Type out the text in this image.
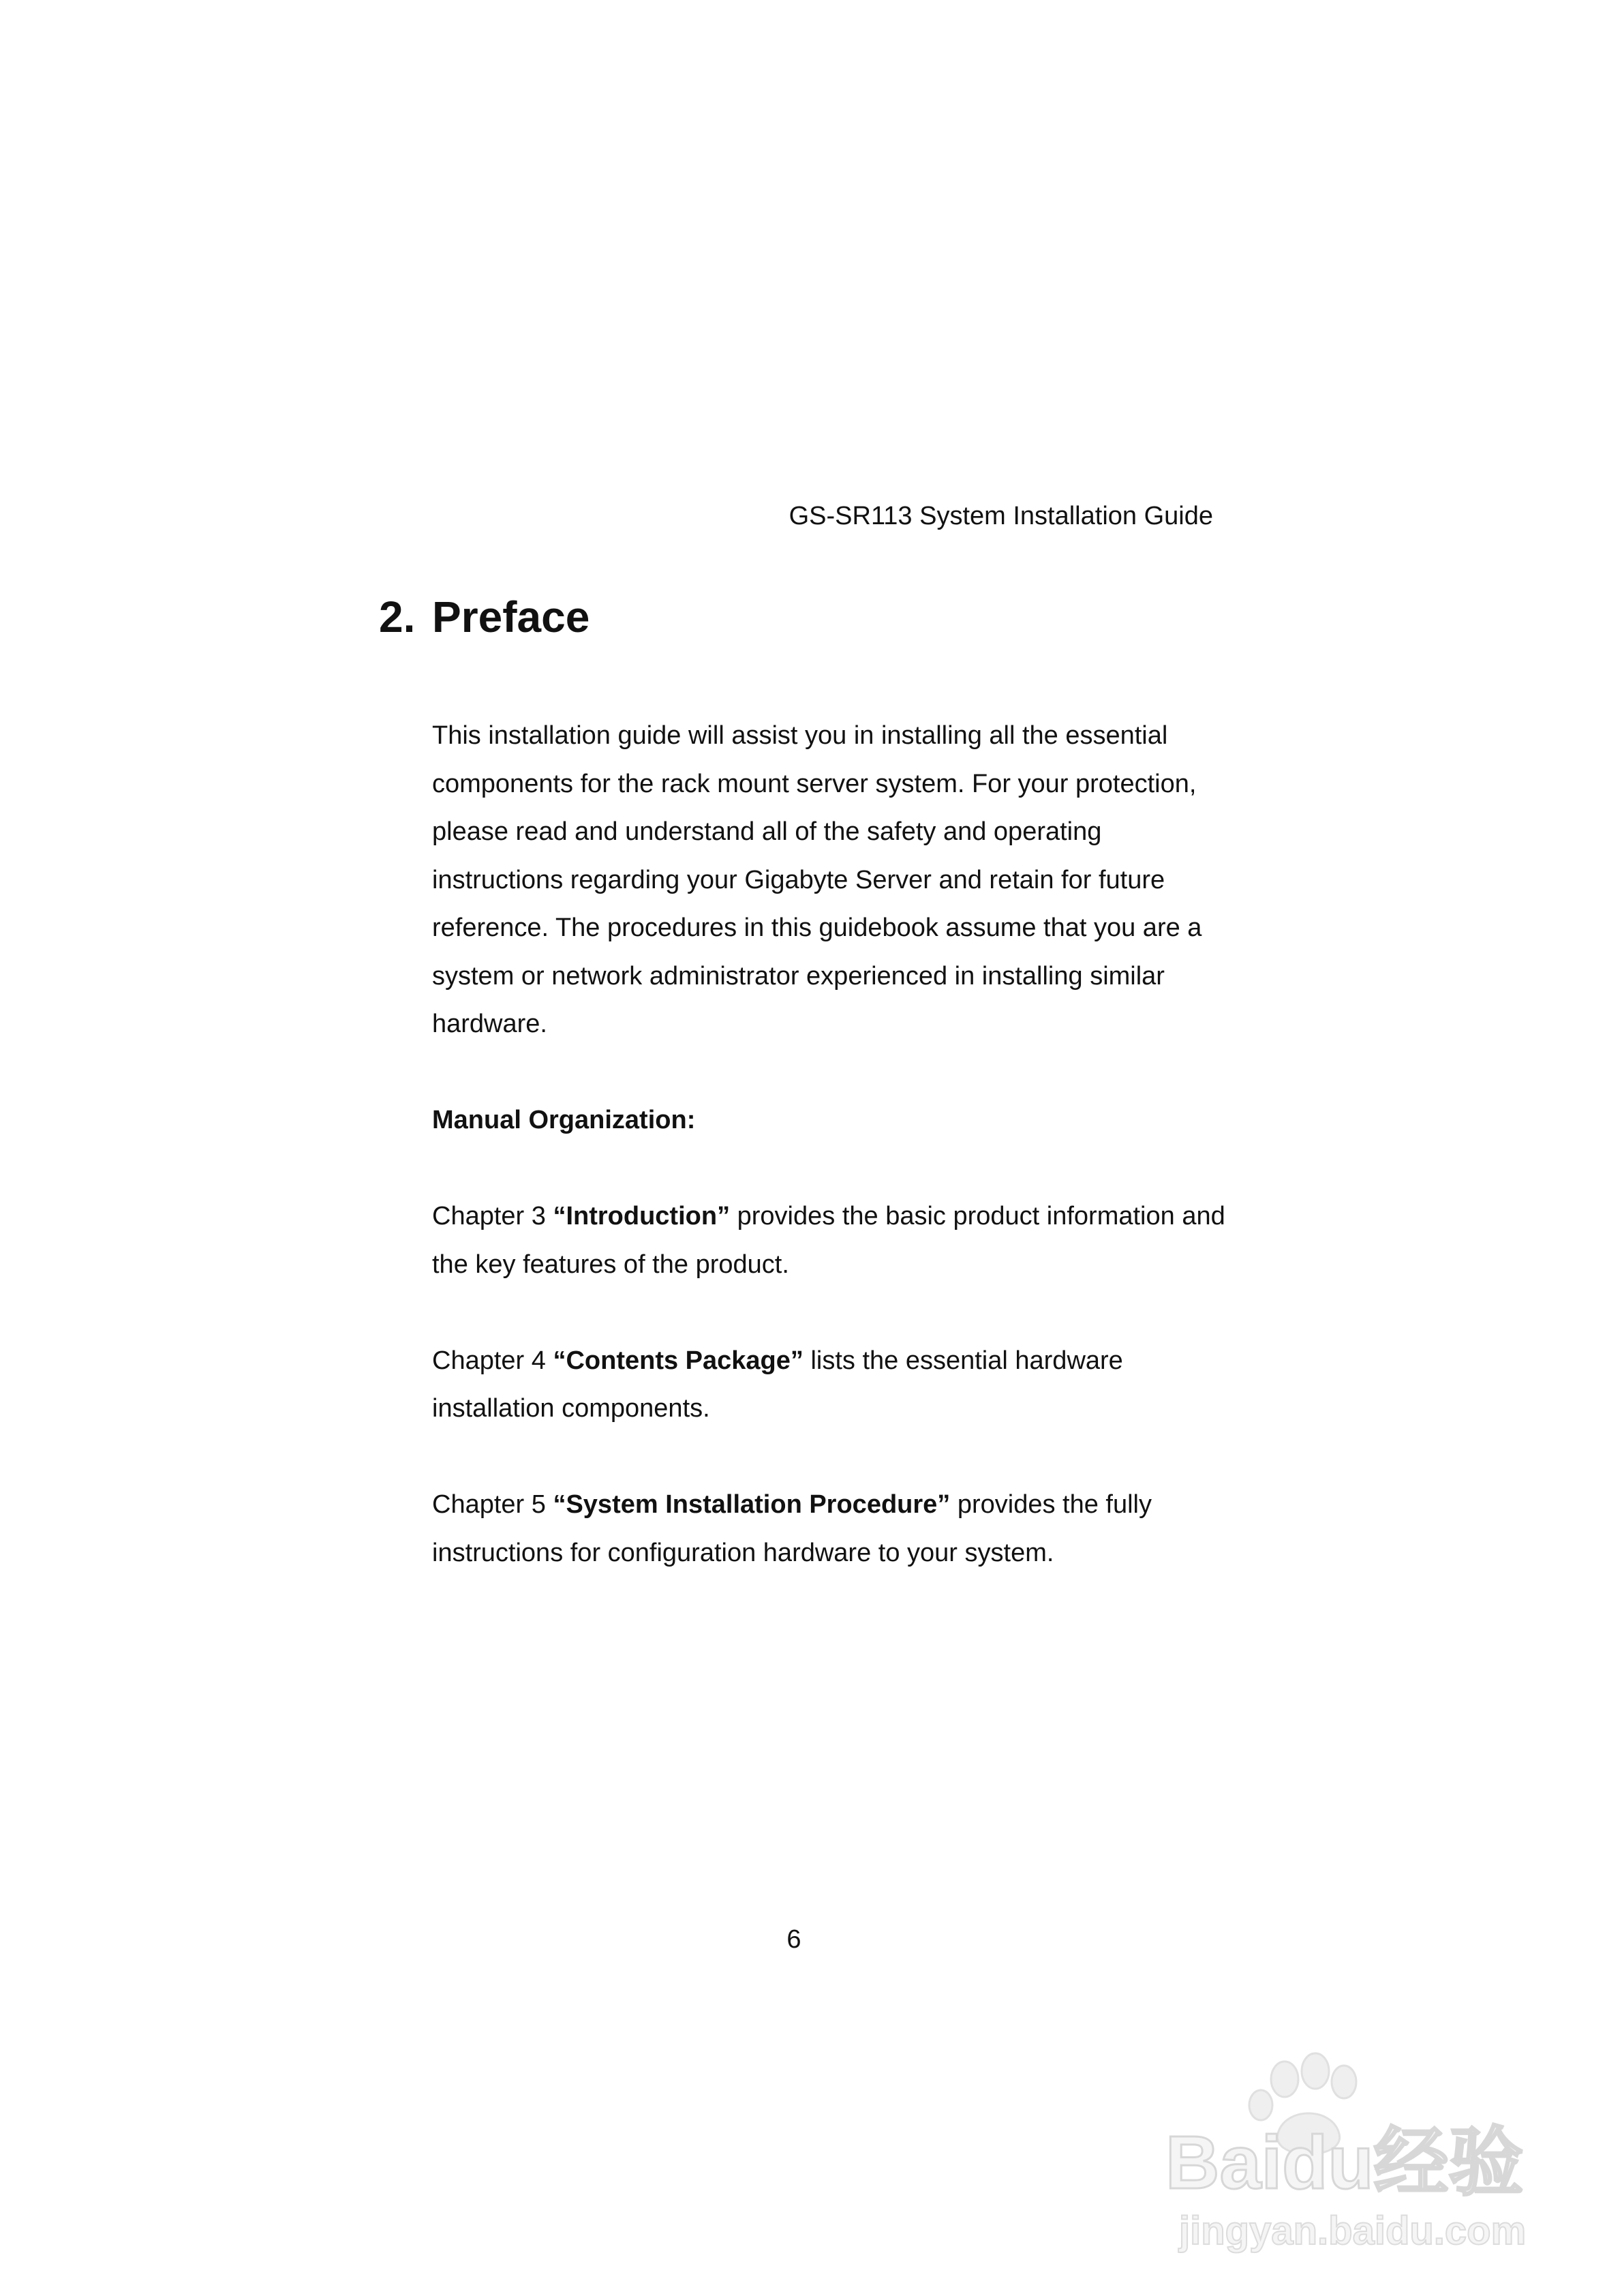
GS-SR113 System Installation Guide
2. Preface

This installation guide will assist you in installing all the essential components for the rack mount server system. For your protection, please read and understand all of the safety and operating instructions regarding your Gigabyte Server and retain for future reference. The procedures in this guidebook assume that you are a system or network administrator experienced in installing similar hardware.

Manual Organization:

Chapter 3 “Introduction” provides the basic product information and the key features of the product.

Chapter 4 “Contents Package” lists the essential hardware installation components.

Chapter 5 “System Installation Procedure” provides the fully instructions for configuration hardware to your system.

6
Baidu经验
jingyan.baidu.com
